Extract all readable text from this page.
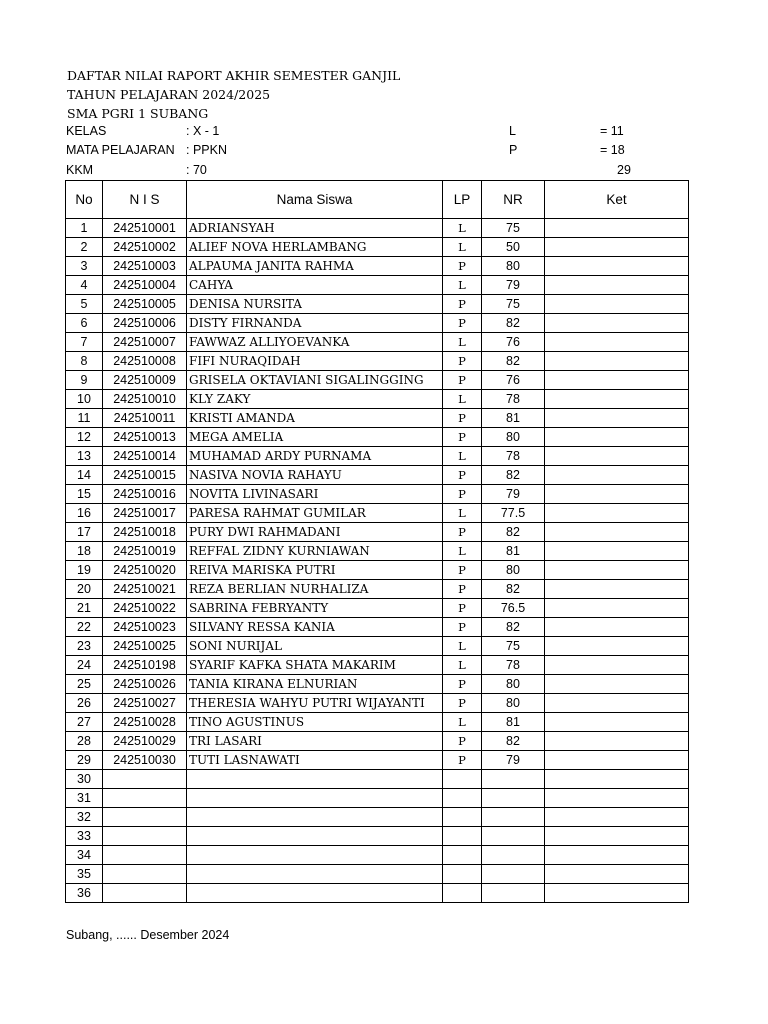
DAFTAR NILAI RAPORT AKHIR SEMESTER GANJIL
TAHUN PELAJARAN 2024/2025
SMA PGRI 1 SUBANG
KELAS	: X - 1
MATA PELAJARAN : PPKN
KKM	: 70
L	= 11
P	= 18
29
No	N I S	Nama Siswa	LP	NR	Ket
1	242510001	ADRIANSYAH	L	75	
2	242510002	ALIEF NOVA HERLAMBANG	L	50	
3	242510003	ALPAUMA JANITA RAHMA	P	80	
4	242510004	CAHYA	L	79	
5	242510005	DENISA NURSITA	P	75	
6	242510006	DISTY FIRNANDA	P	82	
7	242510007	FAWWAZ ALLIYOEVANKA	L	76	
8	242510008	FIFI NURAQIDAH	P	82	
9	242510009	GRISELA OKTAVIANI SIGALINGGING	P	76	
10	242510010	KLY ZAKY	L	78	
11	242510011	KRISTI AMANDA	P	81	
12	242510013	MEGA AMELIA	P	80	
13	242510014	MUHAMAD ARDY PURNAMA	L	78	
14	242510015	NASIVA NOVIA RAHAYU	P	82	
15	242510016	NOVITA LIVINASARI	P	79	
16	242510017	PARESA RAHMAT GUMILAR	L	77.5	
17	242510018	PURY DWI RAHMADANI	P	82	
18	242510019	REFFAL ZIDNY KURNIAWAN	L	81	
19	242510020	REIVA MARISKA PUTRI	P	80	
20	242510021	REZA BERLIAN NURHALIZA	P	82	
21	242510022	SABRINA FEBRYANTY	P	76.5	
22	242510023	SILVANY RESSA KANIA	P	82	
23	242510025	SONI NURIJAL	L	75	
24	242510198	SYARIF KAFKA SHATA MAKARIM	L	78	
25	242510026	TANIA KIRANA ELNURIAN	P	80	
26	242510027	THERESIA WAHYU PUTRI WIJAYANTI	P	80	
27	242510028	TINO AGUSTINUS	L	81	
28	242510029	TRI LASARI	P	82	
29	242510030	TUTI LASNAWATI	P	79	
30					
31					
32					
33					
34					
35					
36					
Subang, ...... Desember 2024
